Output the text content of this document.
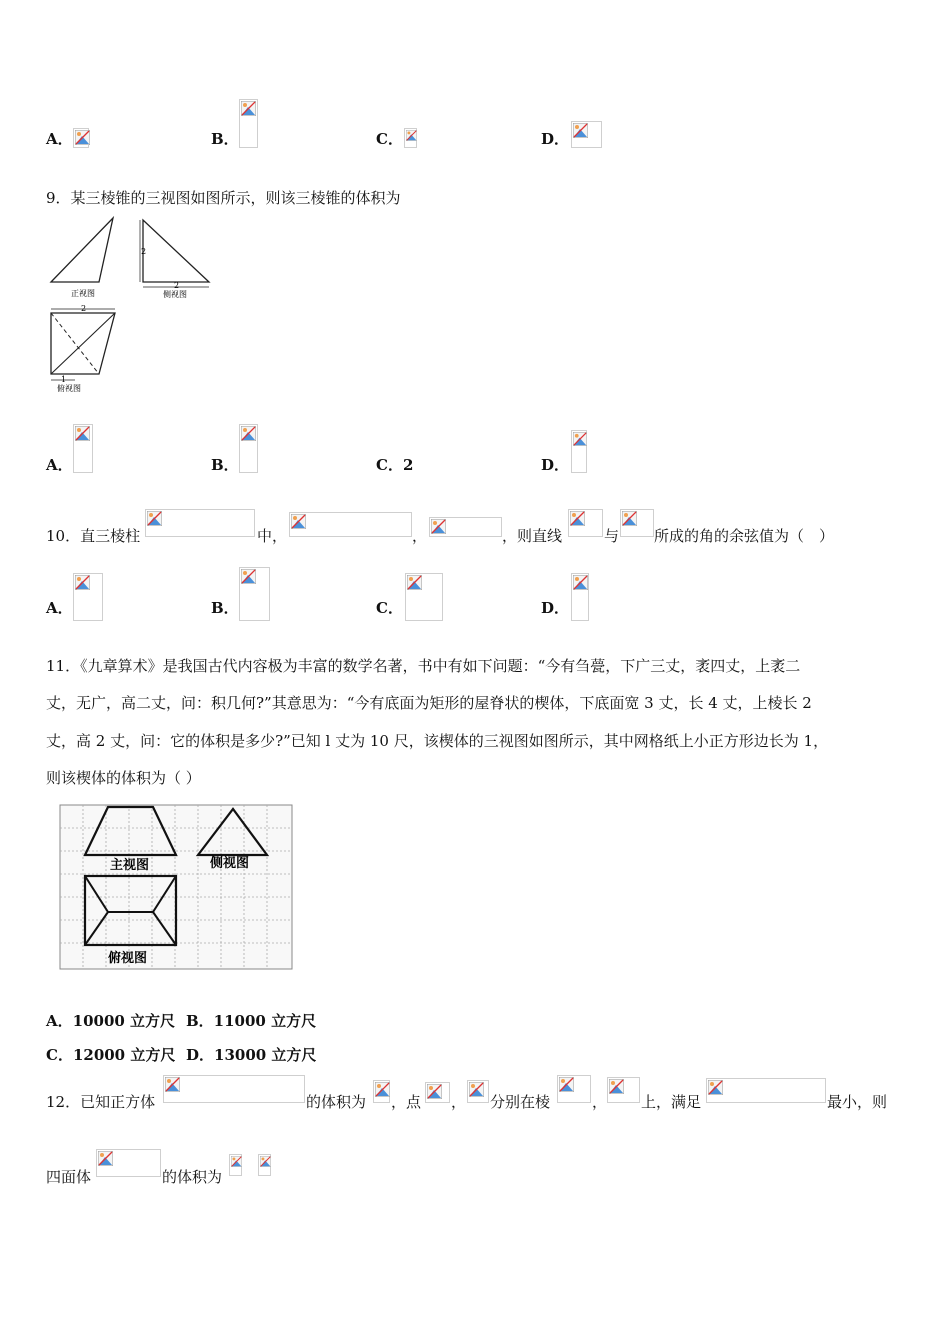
A．	B．	C．	D．
9．某三棱锥的三视图如图所示，则该三棱锥的体积为
正视图
2
2
侧视图
2
1
俯视图
A．	B．	C．2	D．
10．直三棱柱	中，	，	，则直线	与 所成的角的余弦值为（　）
A．	B．	C．	D．
11．《九章算术》是我国古代内容极为丰富的数学名著，书中有如下问题：“今有刍甍，下广三丈，袤四丈，上袤二
丈，无广，高二丈，问：积几何?”其意思为：“今有底面为矩形的屋脊状的楔体，下底面宽 3 丈，长 4 丈，上棱长 2
丈，高 2 丈，问：它的体积是多少?”已知 l 丈为 10 尺，该楔体的三视图如图所示，其中网格纸上小正方形边长为 1，
则该楔体的体积为（ ）
主视图	侧视图
俯视图
A．10000 立方尺 B．11000 立方尺
C．12000 立方尺 D．13000 立方尺
12．已知正方体	的体积为 ，点 ， 分别在棱	， 上，满足	最小，则
四面体	的体积为
